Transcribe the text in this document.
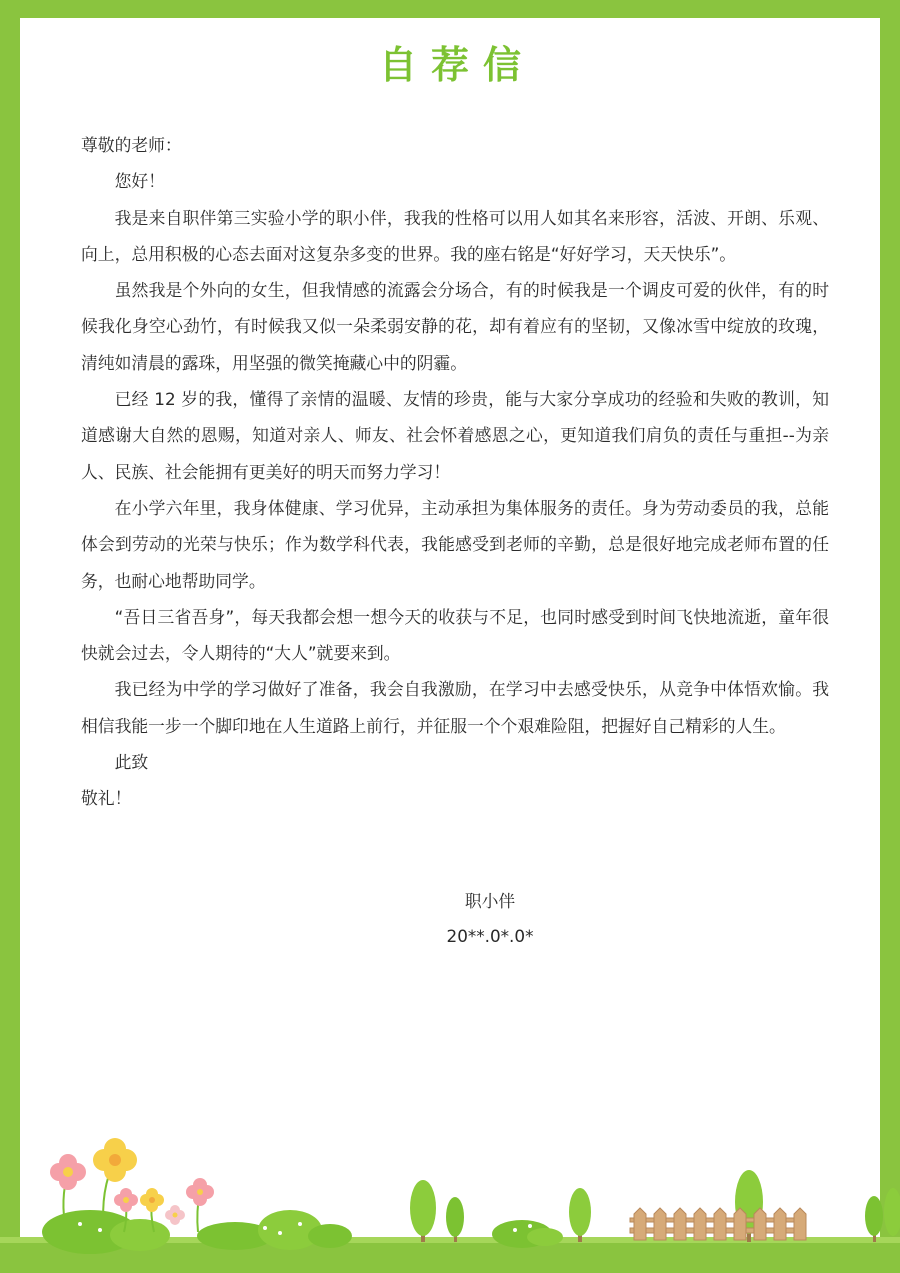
自荐信

尊敬的老师：

您好！

我是来自职伴第三实验小学的职小伴，我我的性格可以用人如其名来形容，活波、开朗、乐观、向上，总用积极的心态去面对这复杂多变的世界。我的座右铭是“好好学习，天天快乐”。

虽然我是个外向的女生，但我情感的流露会分场合，有的时候我是一个调皮可爱的伙伴，有的时候我化身空心劲竹，有时候我又似一朵柔弱安静的花，却有着应有的坚韧，又像冰雪中绽放的玫瑰，清纯如清晨的露珠，用坚强的微笑掩藏心中的阴霾。

已经 12 岁的我，懂得了亲情的温暖、友情的珍贵，能与大家分享成功的经验和失败的教训，知道感谢大自然的恩赐，知道对亲人、师友、社会怀着感恩之心，更知道我们肩负的责任与重担--为亲人、民族、社会能拥有更美好的明天而努力学习！

在小学六年里，我身体健康、学习优异，主动承担为集体服务的责任。身为劳动委员的我，总能体会到劳动的光荣与快乐；作为数学科代表，我能感受到老师的辛勤，总是很好地完成老师布置的任务，也耐心地帮助同学。

“吾日三省吾身”，每天我都会想一想今天的收获与不足，也同时感受到时间飞快地流逝，童年很快就会过去，令人期待的“大人”就要来到。

我已经为中学的学习做好了准备，我会自我激励，在学习中去感受快乐，从竞争中体悟欢愉。我相信我能一步一个脚印地在人生道路上前行，并征服一个个艰难险阻，把握好自己精彩的人生。

此致

敬礼！

职小伴
20**.0*.0*
